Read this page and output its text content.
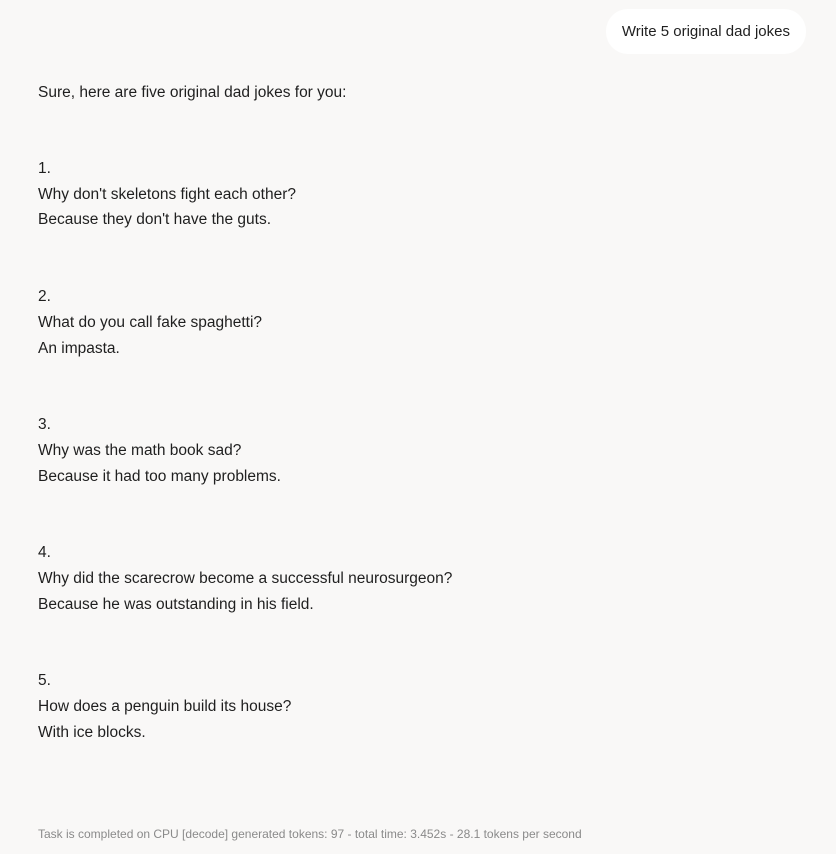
Write 5 original dad jokes

Sure, here are five original dad jokes for you:

1.
Why don't skeletons fight each other?
Because they don't have the guts.
2.
What do you call fake spaghetti?
An impasta.
3.
Why was the math book sad?
Because it had too many problems.
4.
Why did the scarecrow become a successful neurosurgeon?
Because he was outstanding in his field.
5.
How does a penguin build its house?
With ice blocks.
Task is completed on CPU [decode] generated tokens: 97 - total time: 3.452s - 28.1 tokens per second
